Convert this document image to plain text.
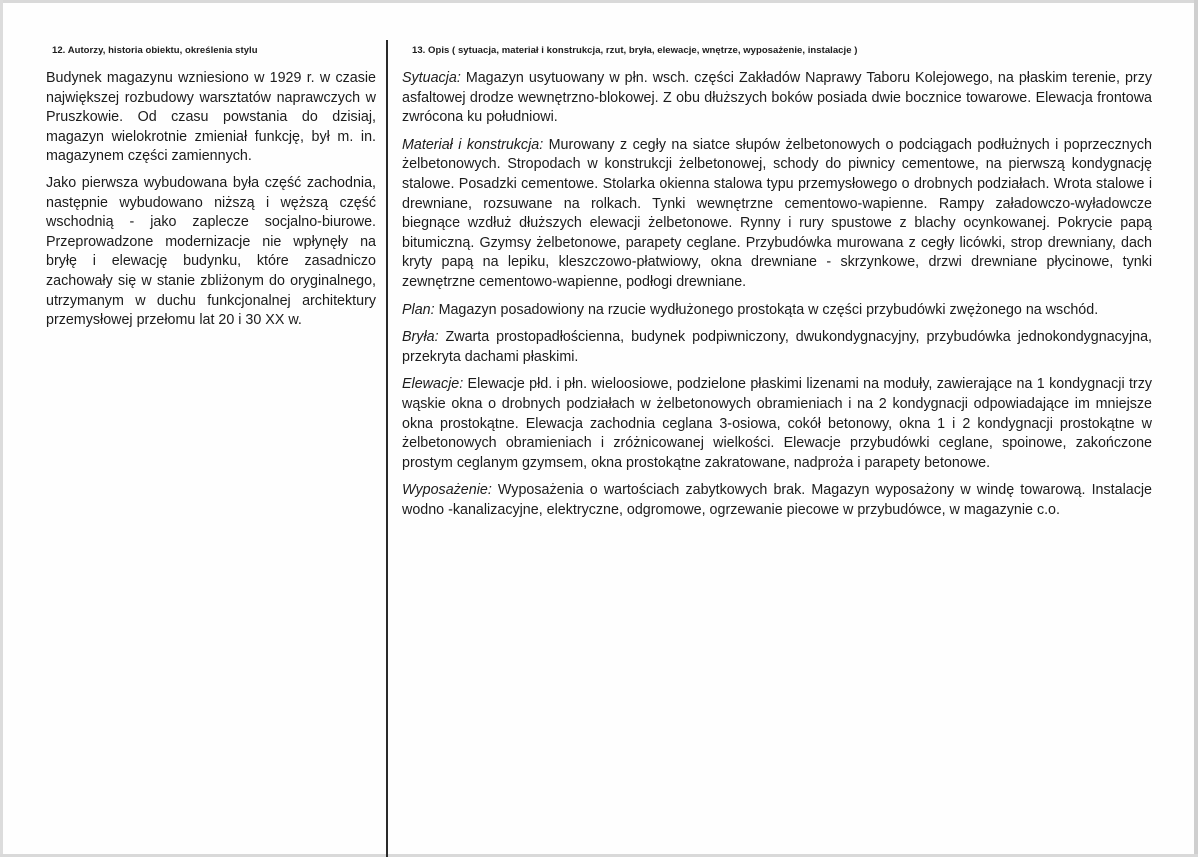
12. Autorzy, historia obiektu, określenia stylu

Budynek magazynu wzniesiono w 1929 r. w czasie największej rozbudowy warsztatów naprawczych w Pruszkowie. Od czasu powstania do dzisiaj, magazyn wielokrotnie zmieniał funkcję, był m. in. magazynem części zamiennych.

Jako pierwsza wybudowana była część zachodnia, następnie wybudowano niższą i węższą część wschodnią - jako zaplecze socjalno-biurowe. Przeprowadzone modernizacje nie wpłynęły na bryłę i elewację budynku, które zasadniczo zachowały się w stanie zbliżonym do oryginalnego, utrzymanym w duchu funkcjonalnej architektury przemysłowej przełomu lat 20 i 30 XX w.

13. Opis ( sytuacja, materiał i konstrukcja, rzut, bryła, elewacje, wnętrze, wyposażenie, instalacje )

Sytuacja: Magazyn usytuowany w płn. wsch. części Zakładów Naprawy Taboru Kolejowego, na płaskim terenie, przy asfaltowej drodze wewnętrzno-blokowej. Z obu dłuższych boków posiada dwie bocznice towarowe. Elewacja frontowa zwrócona ku południowi.

Materiał i konstrukcja: Murowany z cegły na siatce słupów żelbetonowych o podciągach podłużnych i poprzecznych żelbetonowych. Stropodach w konstrukcji żelbetonowej, schody do piwnicy cementowe, na pierwszą kondygnację stalowe. Posadzki cementowe. Stolarka okienna stalowa typu przemysłowego o drobnych podziałach. Wrota stalowe i drewniane, rozsuwane na rolkach. Tynki wewnętrzne cementowo-wapienne. Rampy załadowczo-wyładowcze biegnące wzdłuż dłuższych elewacji żelbetonowe. Rynny i rury spustowe z blachy ocynkowanej. Pokrycie papą bitumiczną. Gzymsy żelbetonowe, parapety ceglane. Przybudówka murowana z cegły licówki, strop drewniany, dach kryty papą na lepiku, kleszczowo-płatwiowy, okna drewniane - skrzynkowe, drzwi drewniane płycinowe, tynki zewnętrzne cementowo-wapienne, podłogi drewniane.

Plan: Magazyn posadowiony na rzucie wydłużonego prostokąta w części przybudówki zwężonego na wschód.

Bryła: Zwarta prostopadłościenna, budynek podpiwniczony, dwukondygnacyjny, przybudówka jednokondygnacyjna, przekryta dachami płaskimi.

Elewacje: Elewacje płd. i płn. wieloosiowe, podzielone płaskimi lizenami na moduły, zawierające na 1 kondygnacji trzy wąskie okna o drobnych podziałach w żelbetonowych obramieniach i na 2 kondygnacji odpowiadające im mniejsze okna prostokątne. Elewacja zachodnia ceglana 3-osiowa, cokół betonowy, okna 1 i 2 kondygnacji prostokątne w żelbetonowych obramieniach i zróżnicowanej wielkości. Elewacje przybudówki ceglane, spoinowe, zakończone prostym ceglanym gzymsem, okna prostokątne zakratowane, nadproża i parapety betonowe.

Wyposażenie: Wyposażenia o wartościach zabytkowych brak. Magazyn wyposażony w windę towarową. Instalacje wodno -kanalizacyjne, elektryczne, odgromowe, ogrzewanie piecowe w przybudówce, w magazynie c.o.
